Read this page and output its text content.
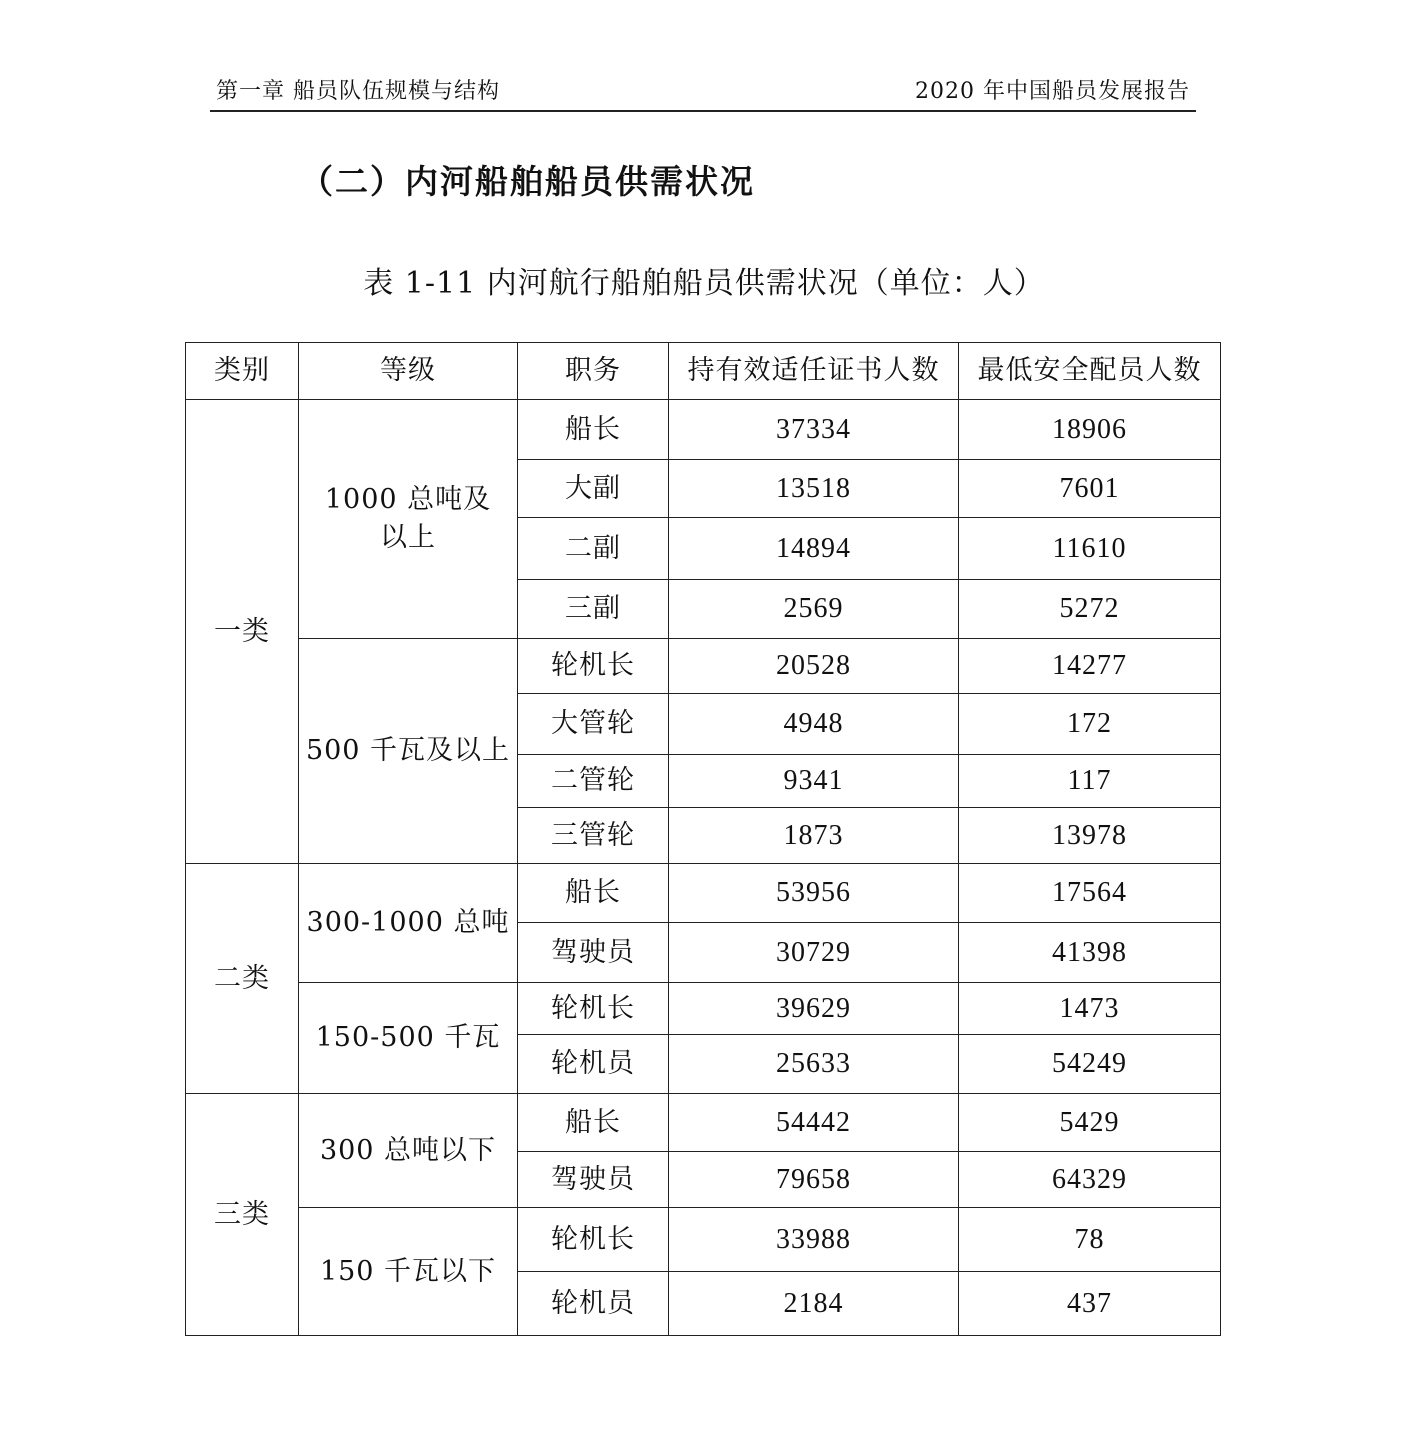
第一章 船员队伍规模与结构	2020 年中国船员发展报告
（二）内河船舶船员供需状况
表 1-11 内河航行船舶船员供需状况（单位：人）
类别	等级	职务	持有效适任证书人数	最低安全配员人数
一类	1000 总吨及以上	船长	37334	18906
		大副	13518	7601
		二副	14894	11610
		三副	2569	5272
	500 千瓦及以上	轮机长	20528	14277
		大管轮	4948	172
		二管轮	9341	117
		三管轮	1873	13978
二类	300-1000 总吨	船长	53956	17564
		驾驶员	30729	41398
	150-500 千瓦	轮机长	39629	1473
		轮机员	25633	54249
三类	300 总吨以下	船长	54442	5429
		驾驶员	79658	64329
	150 千瓦以下	轮机长	33988	78
		轮机员	2184	437
